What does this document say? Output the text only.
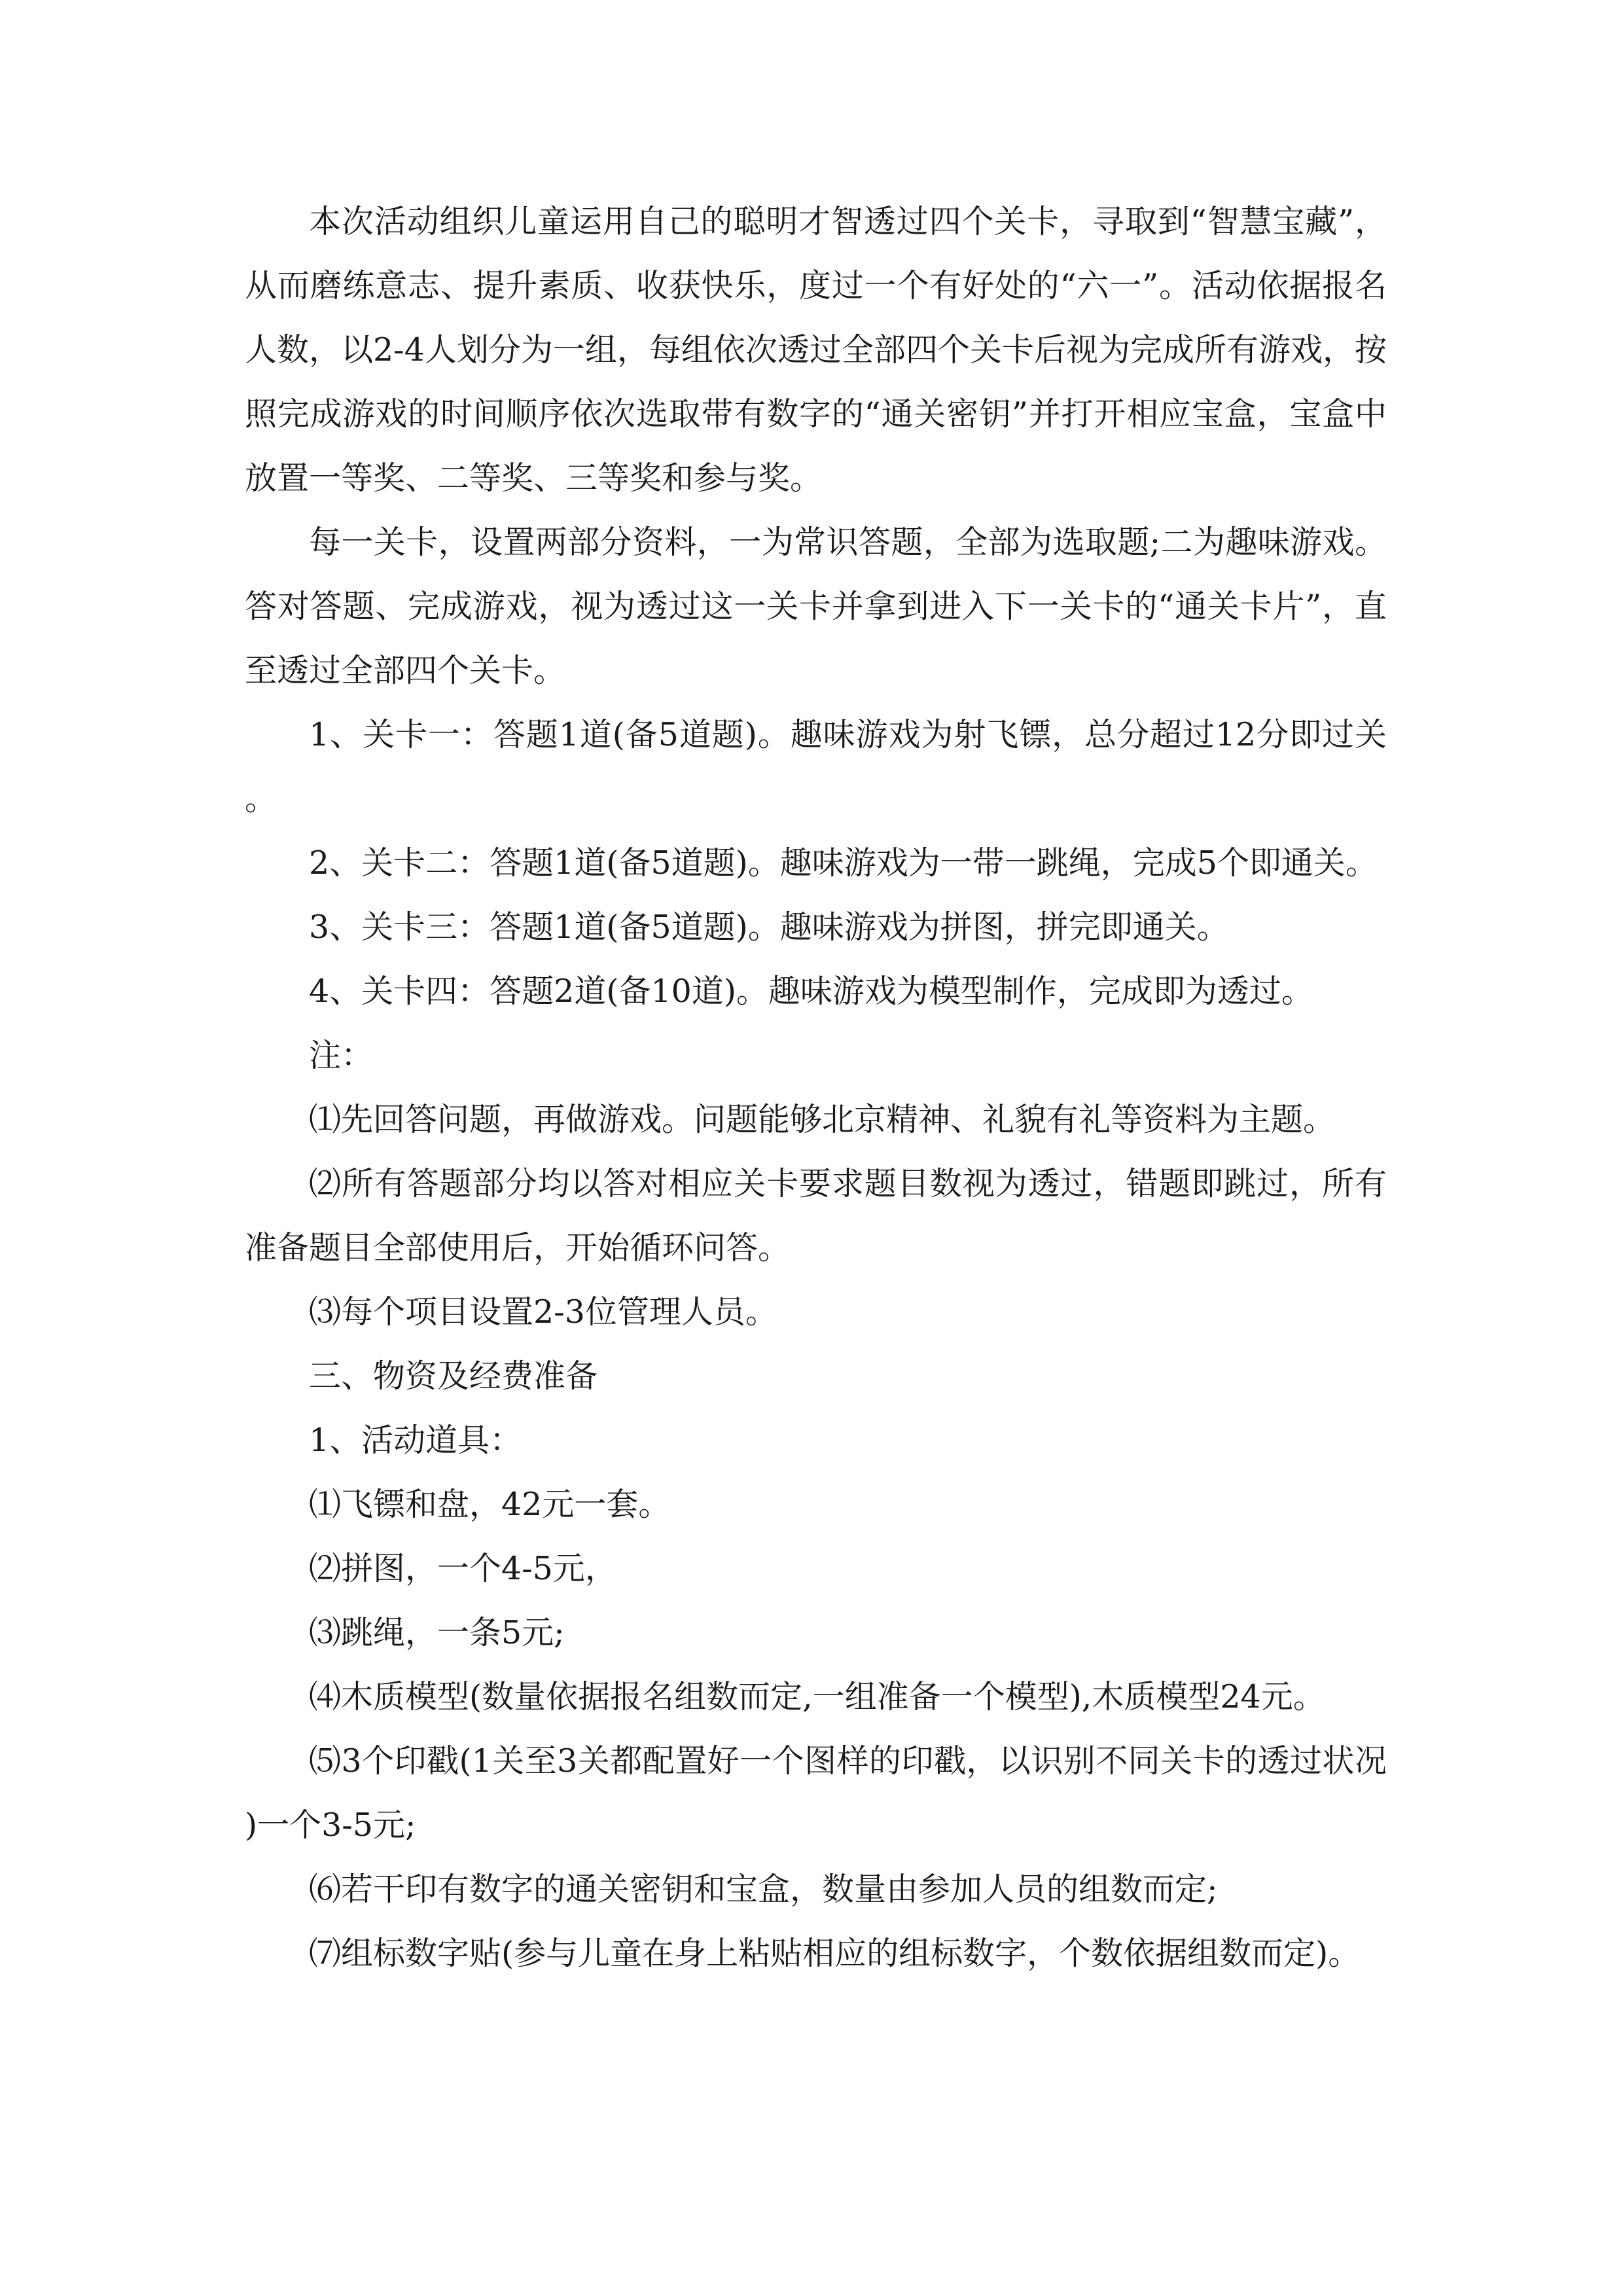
本次活动组织儿童运用自己的聪明才智透过四个关卡，寻取到“智慧宝藏”，从而磨练意志、提升素质、收获快乐，度过一个有好处的“六一”。活动依据报名人数，以2-4人划分为一组，每组依次透过全部四个关卡后视为完成所有游戏，按照完成游戏的时间顺序依次选取带有数字的“通关密钥”并打开相应宝盒，宝盒中放置一等奖、二等奖、三等奖和参与奖。

每一关卡，设置两部分资料，一为常识答题，全部为选取题;二为趣味游戏。答对答题、完成游戏，视为透过这一关卡并拿到进入下一关卡的“通关卡片”，直至透过全部四个关卡。

1、关卡一：答题1道(备5道题)。趣味游戏为射飞镖，总分超过12分即过关。

2、关卡二：答题1道(备5道题)。趣味游戏为一带一跳绳，完成5个即通关。

3、关卡三：答题1道(备5道题)。趣味游戏为拼图，拼完即通关。

4、关卡四：答题2道(备10道)。趣味游戏为模型制作，完成即为透过。

注：

⑴先回答问题，再做游戏。问题能够北京精神、礼貌有礼等资料为主题。

⑵所有答题部分均以答对相应关卡要求题目数视为透过，错题即跳过，所有准备题目全部使用后，开始循环问答。

⑶每个项目设置2-3位管理人员。

三、物资及经费准备

1、活动道具：

⑴飞镖和盘，42元一套。

⑵拼图，一个4-5元，

⑶跳绳，一条5元;

⑷木质模型(数量依据报名组数而定,一组准备一个模型),木质模型24元。

⑸3个印戳(1关至3关都配置好一个图样的印戳，以识别不同关卡的透过状况)一个3-5元;

⑹若干印有数字的通关密钥和宝盒，数量由参加人员的组数而定;

⑺组标数字贴(参与儿童在身上粘贴相应的组标数字，个数依据组数而定)。
